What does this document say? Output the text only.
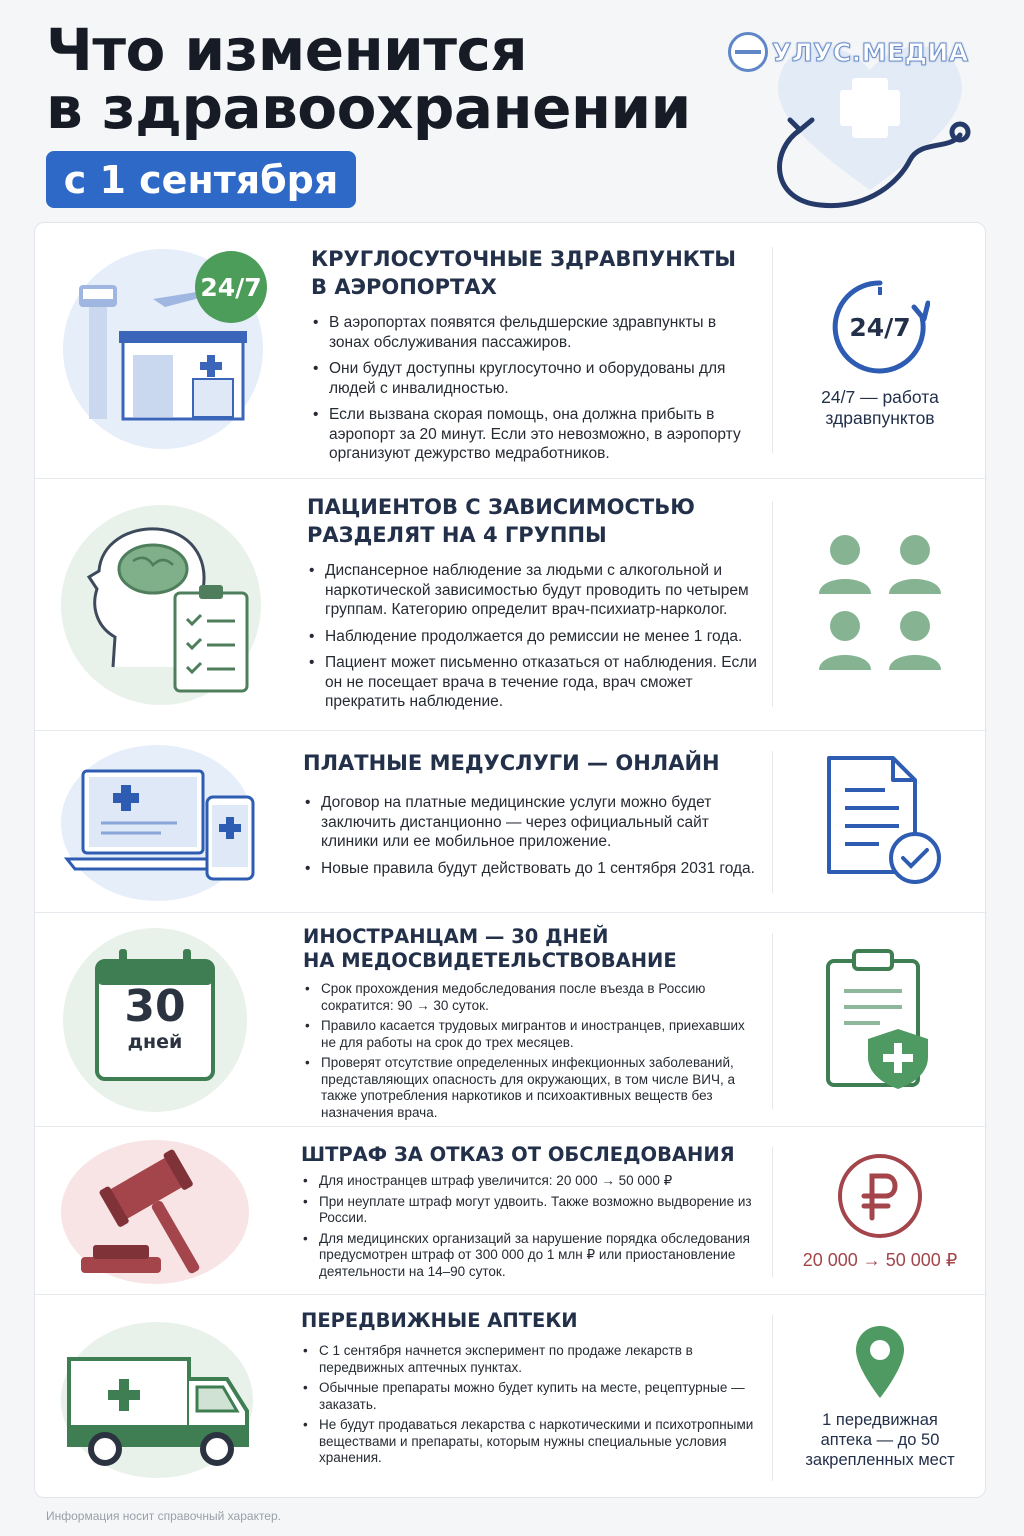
Что изменится
в здравоохранении
с 1 сентября
УЛУС.МЕДИА
24/7
КРУГЛОСУТОЧНЫЕ ЗДРАВПУНКТЫ
В АЭРОПОРТАХ
• В аэропортах появятся фельдшерские здравпункты в зонах обслуживания пассажиров.
• Они будут доступны круглосуточно и оборудованы для людей с инвалидностью.
• Если вызвана скорая помощь, она должна прибыть в аэропорт за 20 минут. Если это невозможно, в аэропорту организуют дежурство медработников.
24/7
24/7 — работа здравпунктов
ПАЦИЕНТОВ С ЗАВИСИМОСТЬЮ
РАЗДЕЛЯТ НА 4 ГРУППЫ
• Диспансерное наблюдение за людьми с алкогольной и наркотической зависимостью будут проводить по четырем группам. Категорию определит врач-психиатр-нарколог.
• Наблюдение продолжается до ремиссии не менее 1 года.
• Пациент может письменно отказаться от наблюдения. Если он не посещает врача в течение года, врач сможет прекратить наблюдение.
ПЛАТНЫЕ МЕДУСЛУГИ — ОНЛАЙН
• Договор на платные медицинские услуги можно будет заключить дистанционно — через официальный сайт клиники или ее мобильное приложение.
• Новые правила будут действовать до 1 сентября 2031 года.
30
дней
ИНОСТРАНЦАМ — 30 ДНЕЙ
НА МЕДОСВИДЕТЕЛЬСТВОВАНИЕ
• Срок прохождения медобследования после въезда в Россию сократится: 90 → 30 суток.
• Правило касается трудовых мигрантов и иностранцев, приехавших не для работы на срок до трех месяцев.
• Проверят отсутствие определенных инфекционных заболеваний, представляющих опасность для окружающих, в том числе ВИЧ, а также употребления наркотиков и психоактивных веществ без назначения врача.
ШТРАФ ЗА ОТКАЗ ОТ ОБСЛЕДОВАНИЯ
• Для иностранцев штраф увеличится: 20 000 → 50 000 ₽
• При неуплате штраф могут удвоить. Также возможно выдворение из России.
• Для медицинских организаций за нарушение порядка обследования предусмотрен штраф от 300 000 до 1 млн ₽ или приостановление деятельности на 14–90 суток.
20 000 → 50 000 ₽
ПЕРЕДВИЖНЫЕ АПТЕКИ
• С 1 сентября начнется эксперимент по продаже лекарств в передвижных аптечных пунктах.
• Обычные препараты можно будет купить на месте, рецептурные — заказать.
• Не будут продаваться лекарства с наркотическими и психотропными веществами и препараты, которым нужны специальные условия хранения.
1 передвижная аптека — до 50 закрепленных мест
Информация носит справочный характер.
